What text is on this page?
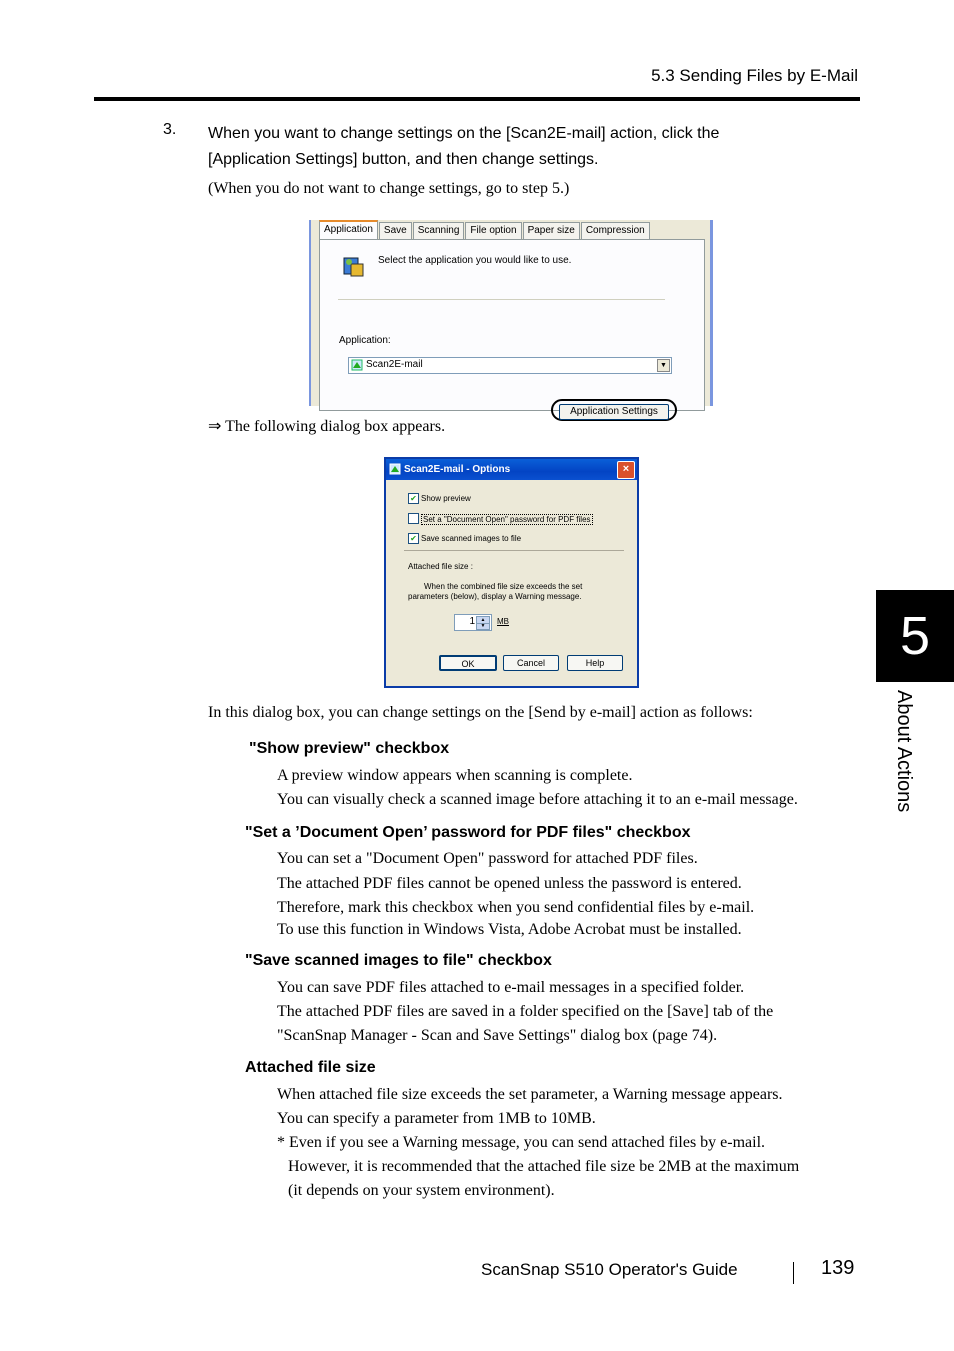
5.3 Sending Files by E-Mail
3. When you want to change settings on the [Scan2E-mail] action, click the
[Application Settings] button, and then change settings.
(When you do not want to change settings, go to step 5.)
Application	Save	Scanning	File option	Paper size	Compression
Select the application you would like to use.
Application:
Scan2E-mail	▼
Application Settings
⇒ The following dialog box appears.
Scan2E-mail - Options	×
✔ Show preview
Set a "Document Open" password for PDF files
✔ Save scanned images to file
Attached file size :
When the combined file size exceeds the set
parameters (below), display a Warning message.
1	▲
▼	MB
OK	Cancel	Help
In this dialog box, you can change settings on the [Send by e-mail] action as follows:
"Show preview" checkbox
A preview window appears when scanning is complete.
You can visually check a scanned image before attaching it to an e-mail message.
"Set a ’Document Open’ password for PDF files" checkbox
You can set a "Document Open" password for attached PDF files.
The attached PDF files cannot be opened unless the password is entered.
Therefore, mark this checkbox when you send confidential files by e-mail.
To use this function in Windows Vista, Adobe Acrobat must be installed.
"Save scanned images to file" checkbox
You can save PDF files attached to e-mail messages in a specified folder.
The attached PDF files are saved in a folder specified on the [Save] tab of the
"ScanSnap Manager - Scan and Save Settings" dialog box (page 74).
Attached file size
When attached file size exceeds the set parameter, a Warning message appears.
You can specify a parameter from 1MB to 10MB.
* Even if you see a Warning message, you can send attached files by e-mail.
However, it is recommended that the attached file size be 2MB at the maximum
(it depends on your system environment).
5
About Actions
ScanSnap S510 Operator's Guide	139
